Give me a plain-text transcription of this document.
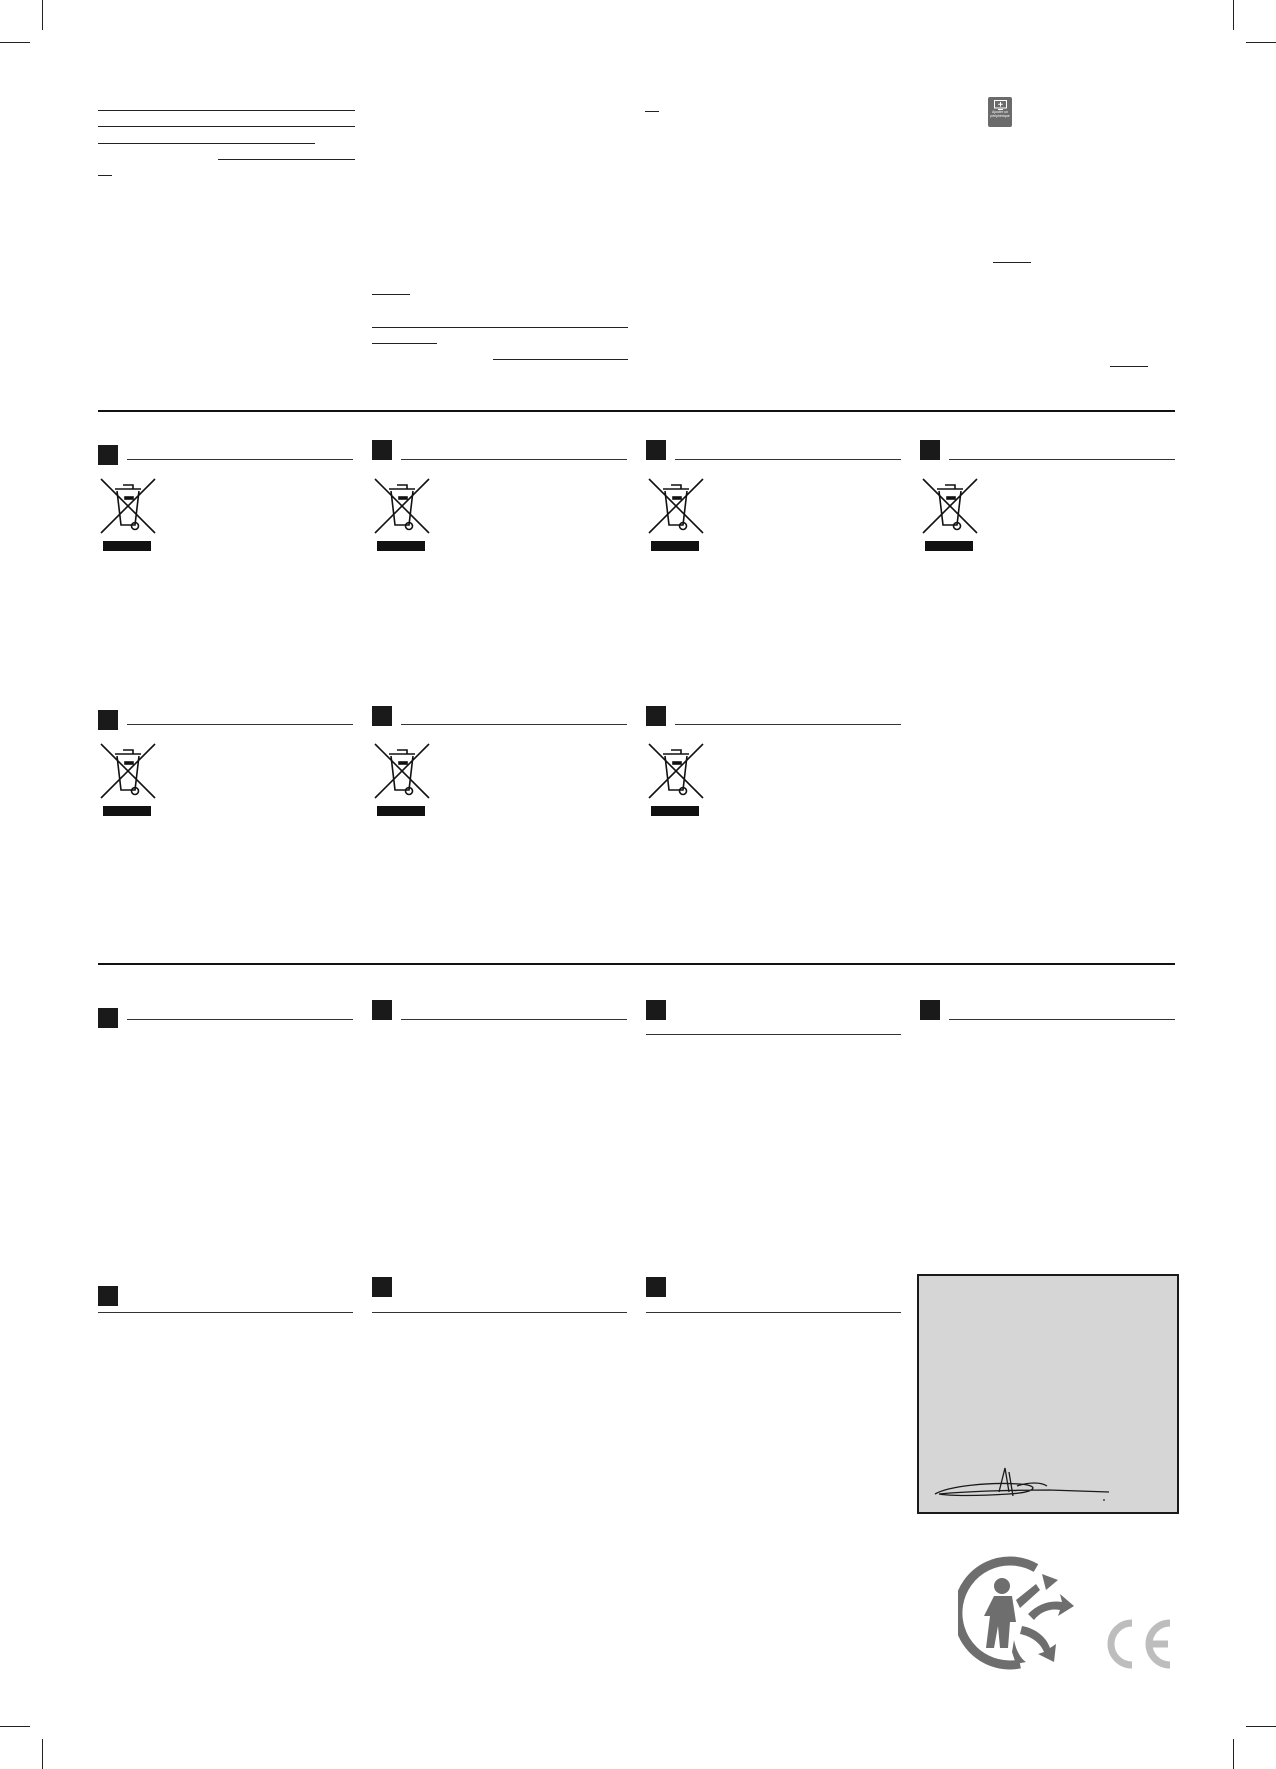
Ajouter un périphérique
